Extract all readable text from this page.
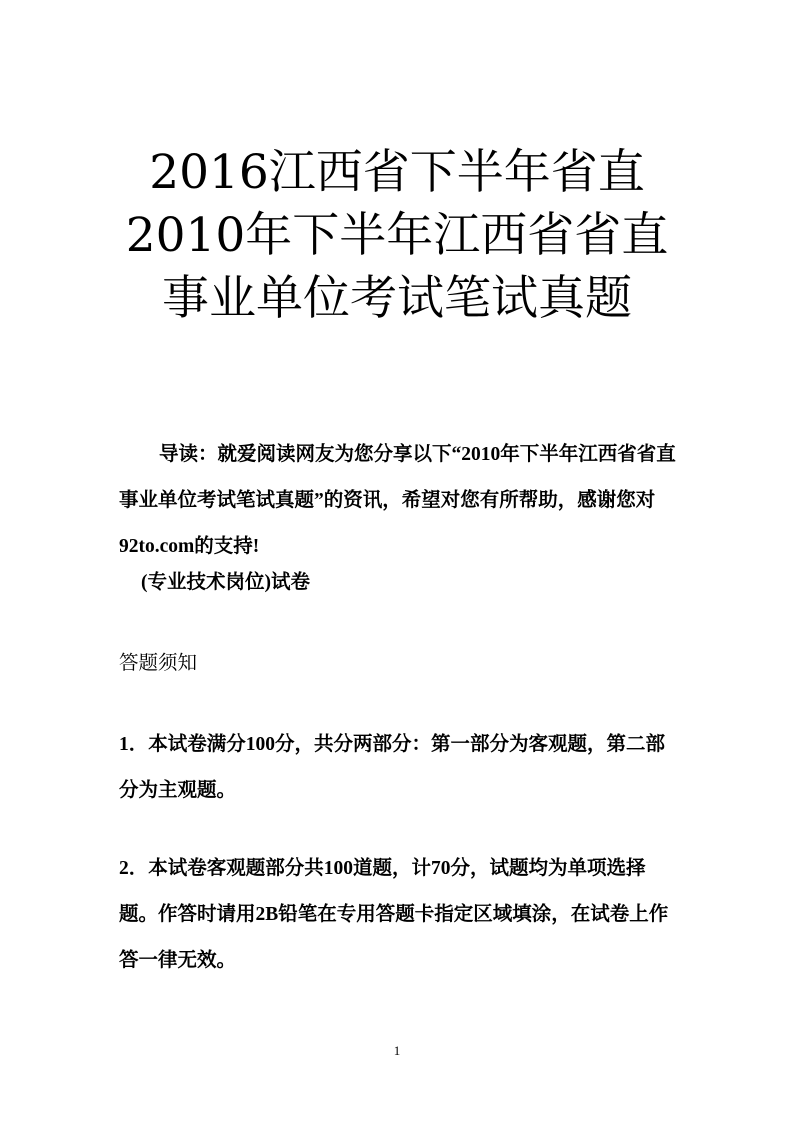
2016江西省下半年省直
2010年下半年江西省省直
事业单位考试笔试真题

导读：就爱阅读网友为您分享以下“2010年下半年江西省省直事业单位考试笔试真题”的资讯，希望对您有所帮助，感谢您对92to.com的支持!

(专业技术岗位)试卷

答题须知

1．本试卷满分100分，共分两部分：第一部分为客观题，第二部分为主观题。

2．本试卷客观题部分共100道题，计70分，试题均为单项选择题。作答时请用2B铅笔在专用答题卡指定区域填涂，在试卷上作答一律无效。

1
